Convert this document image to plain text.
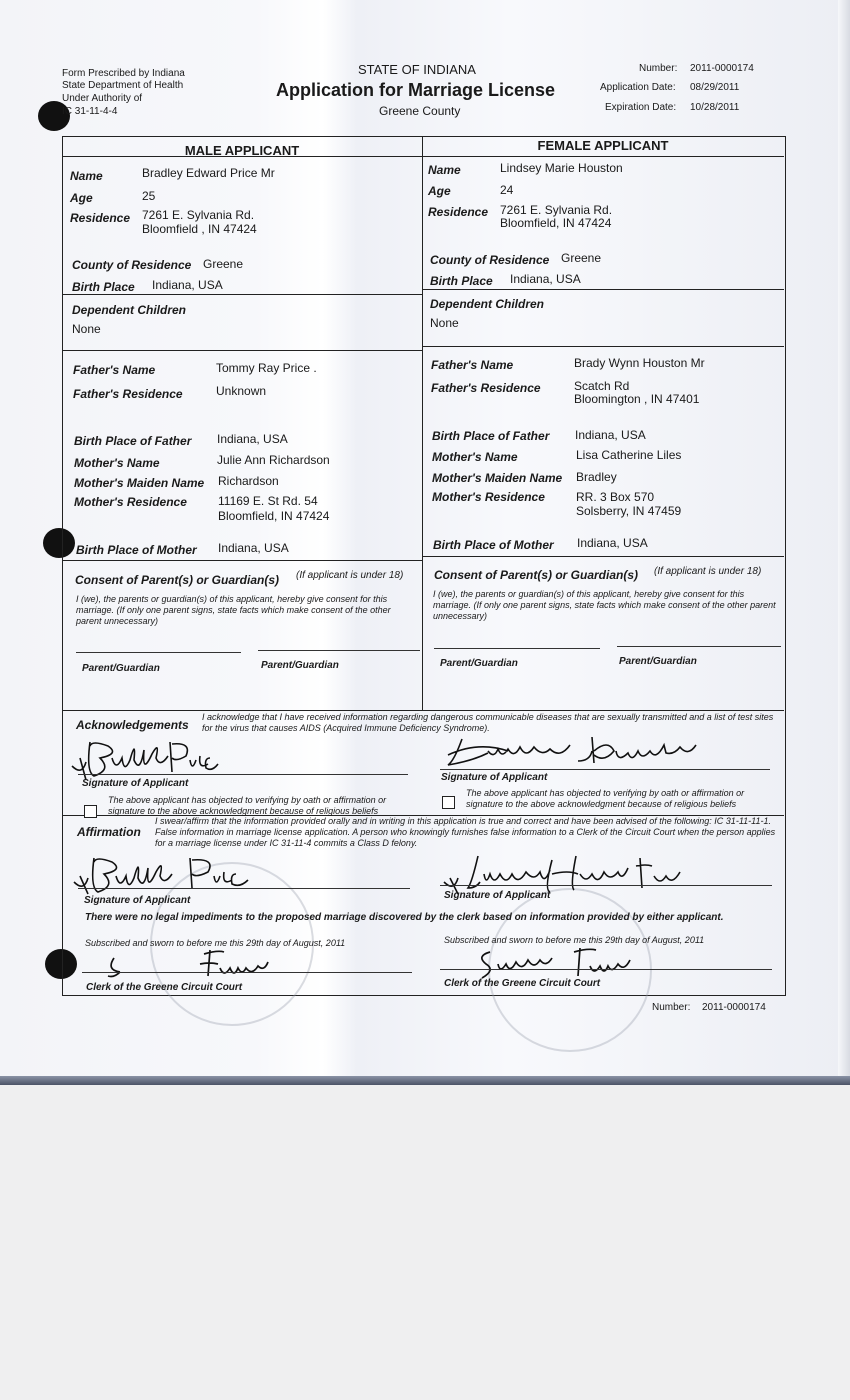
Form Prescribed by Indiana
State Department of Health
Under Authority of
IC 31-11-4-4
STATE OF INDIANA
Application for Marriage License
Greene County
Number: 2011-0000174
Application Date: 08/29/2011
Expiration Date: 10/28/2011
MALE APPLICANT	FEMALE APPLICANT
Name	Bradley Edward Price Mr
Age	25
Residence 7261 E. Sylvania Rd.
Bloomfield , IN 47424
County of Residence Greene
Birth Place Indiana, USA
Dependent Children
None
Father's Name	Tommy Ray Price .
Father's Residence	Unknown
Birth Place of Father Indiana, USA
Mother's Name	Julie Ann Richardson
Mother's Maiden Name Richardson
Mother's Residence	11169 E. St Rd. 54
Bloomfield, IN 47424
Birth Place of Mother Indiana, USA
Name	Lindsey Marie Houston
Age	24
Residence 7261 E. Sylvania Rd.
Bloomfield, IN 47424
County of Residence Greene
Birth Place Indiana, USA
Dependent Children
None
Father's Name	Brady Wynn Houston Mr
Father's Residence	Scatch Rd
Bloomington , IN 47401
Birth Place of Father Indiana, USA
Mother's Name	Lisa Catherine Liles
Mother's Maiden Name Bradley
Mother's Residence	RR. 3 Box 570
Solsberry, IN 47459
Birth Place of Mother Indiana, USA
Consent of Parent(s) or Guardian(s) (If applicant is under 18)
I (we), the parents or guardian(s) of this applicant, hereby give consent for this marriage. (If only one parent signs, state facts which make consent of the other parent unnecessary)
Parent/Guardian	Parent/Guardian
Consent of Parent(s) or Guardian(s) (If applicant is under 18)
I (we), the parents or guardian(s) of this applicant, hereby give consent for this marriage. (If only one parent signs, state facts which make consent of the other parent unnecessary)
Parent/Guardian	Parent/Guardian
Acknowledgements
I acknowledge that I have received information regarding dangerous communicable diseases that are sexually transmitted and a list of test sites for the virus that causes AIDS (Acquired Immune Deficiency Syndrome).
Signature of Applicant
Signature of Applicant
The above applicant has objected to verifying by oath or affirmation or signature to the above acknowledgment because of religious beliefs
The above applicant has objected to verifying by oath or affirmation or signature to the above acknowledgment because of religious beliefs
Affirmation
I swear/affirm that the information provided orally and in writing in this application is true and correct and have been advised of the following: IC 31-11-11-1. False information in marriage license application. A person who knowingly furnishes false information to a Clerk of the Circuit Court when the person applies for a marriage license under IC 31-11-4 commits a Class D felony.
Signature of Applicant	Signature of Applicant
There were no legal impediments to the proposed marriage discovered by the clerk based on information provided by either applicant.
Subscribed and sworn to before me this 29th day of August, 2011	Subscribed and sworn to before me this 29th day of August, 2011
Clerk of the Greene Circuit Court	Clerk of the Greene Circuit Court
Number: 2011-0000174
